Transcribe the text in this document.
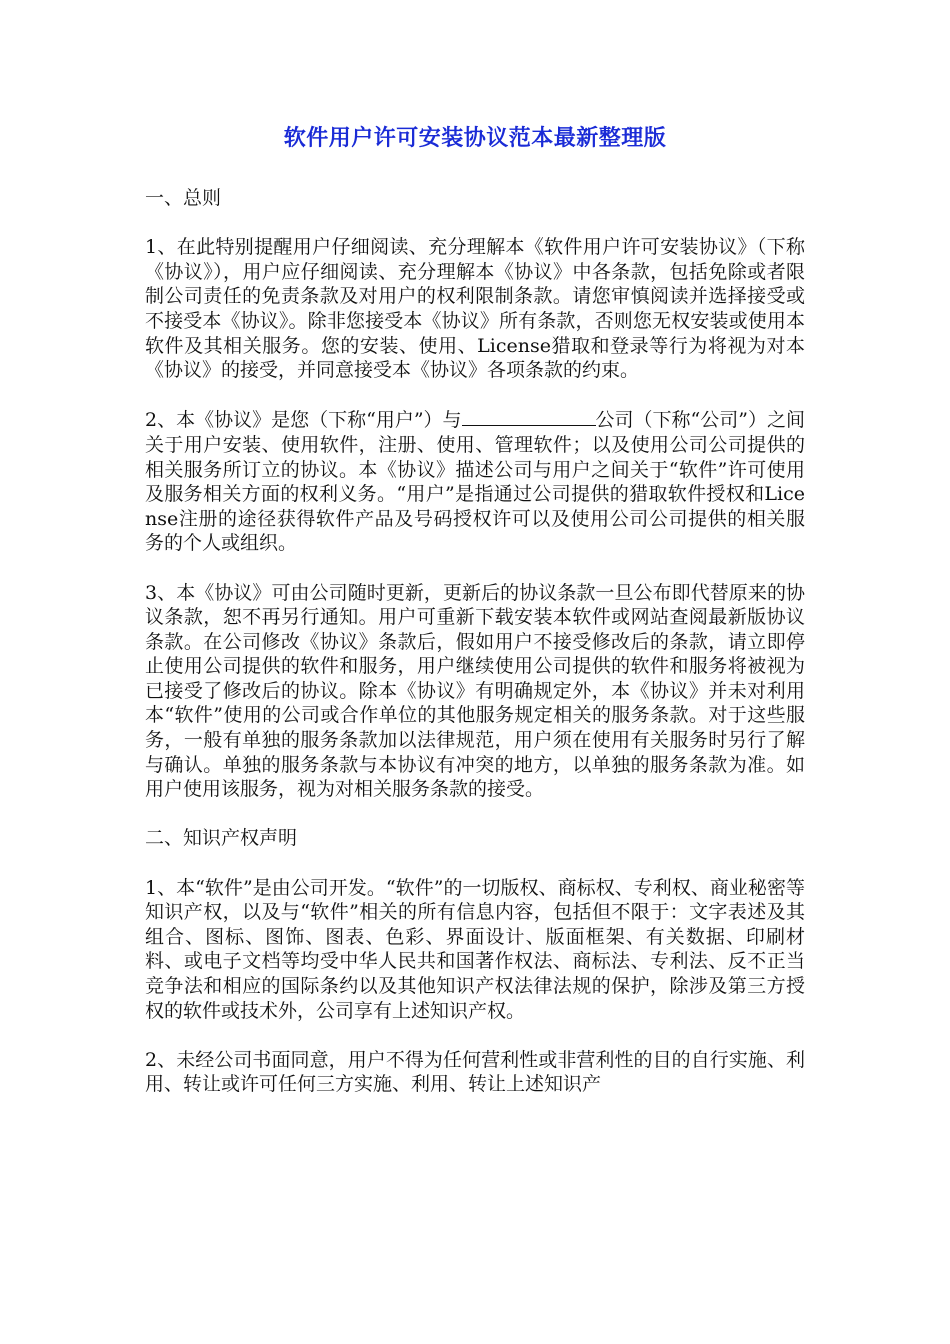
软件用户许可安装协议范本最新整理版

一、总则

1、在此特别提醒用户仔细阅读、充分理解本《软件用户许可安装协议》（下称《协议》），用户应仔细阅读、充分理解本《协议》中各条款，包括免除或者限制公司责任的免责条款及对用户的权利限制条款。请您审慎阅读并选择接受或不接受本《协议》。除非您接受本《协议》所有条款，否则您无权安装或使用本软件及其相关服务。您的安装、使用、License猎取和登录等行为将视为对本《协议》的接受，并同意接受本《协议》各项条款的约束。

2、本《协议》是您（下称“用户”）与	公司（下称“公司”）之间关于用户安装、使用软件，注册、使用、管理软件；以及使用公司公司提供的相关服务所订立的协议。本《协议》描述公司与用户之间关于“软件”许可使用及服务相关方面的权利义务。“用户”是指通过公司提供的猎取软件授权和License注册的途径获得软件产品及号码授权许可以及使用公司公司提供的相关服务的个人或组织。

3、本《协议》可由公司随时更新，更新后的协议条款一旦公布即代替原来的协议条款，恕不再另行通知。用户可重新下载安装本软件或网站查阅最新版协议条款。在公司修改《协议》条款后，假如用户不接受修改后的条款，请立即停止使用公司提供的软件和服务，用户继续使用公司提供的软件和服务将被视为已接受了修改后的协议。除本《协议》有明确规定外，本《协议》并未对利用本“软件”使用的公司或合作单位的其他服务规定相关的服务条款。对于这些服务，一般有单独的服务条款加以法律规范，用户须在使用有关服务时另行了解与确认。单独的服务条款与本协议有冲突的地方，以单独的服务条款为准。如用户使用该服务，视为对相关服务条款的接受。

二、知识产权声明

1、本“软件”是由公司开发。“软件”的一切版权、商标权、专利权、商业秘密等知识产权，以及与“软件”相关的所有信息内容，包括但不限于：文字表述及其组合、图标、图饰、图表、色彩、界面设计、版面框架、有关数据、印刷材料、或电子文档等均受中华人民共和国著作权法、商标法、专利法、反不正当竞争法和相应的国际条约以及其他知识产权法律法规的保护，除涉及第三方授权的软件或技术外，公司享有上述知识产权。

2、未经公司书面同意，用户不得为任何营利性或非营利性的目的自行实施、利用、转让或许可任何三方实施、利用、转让上述知识产
